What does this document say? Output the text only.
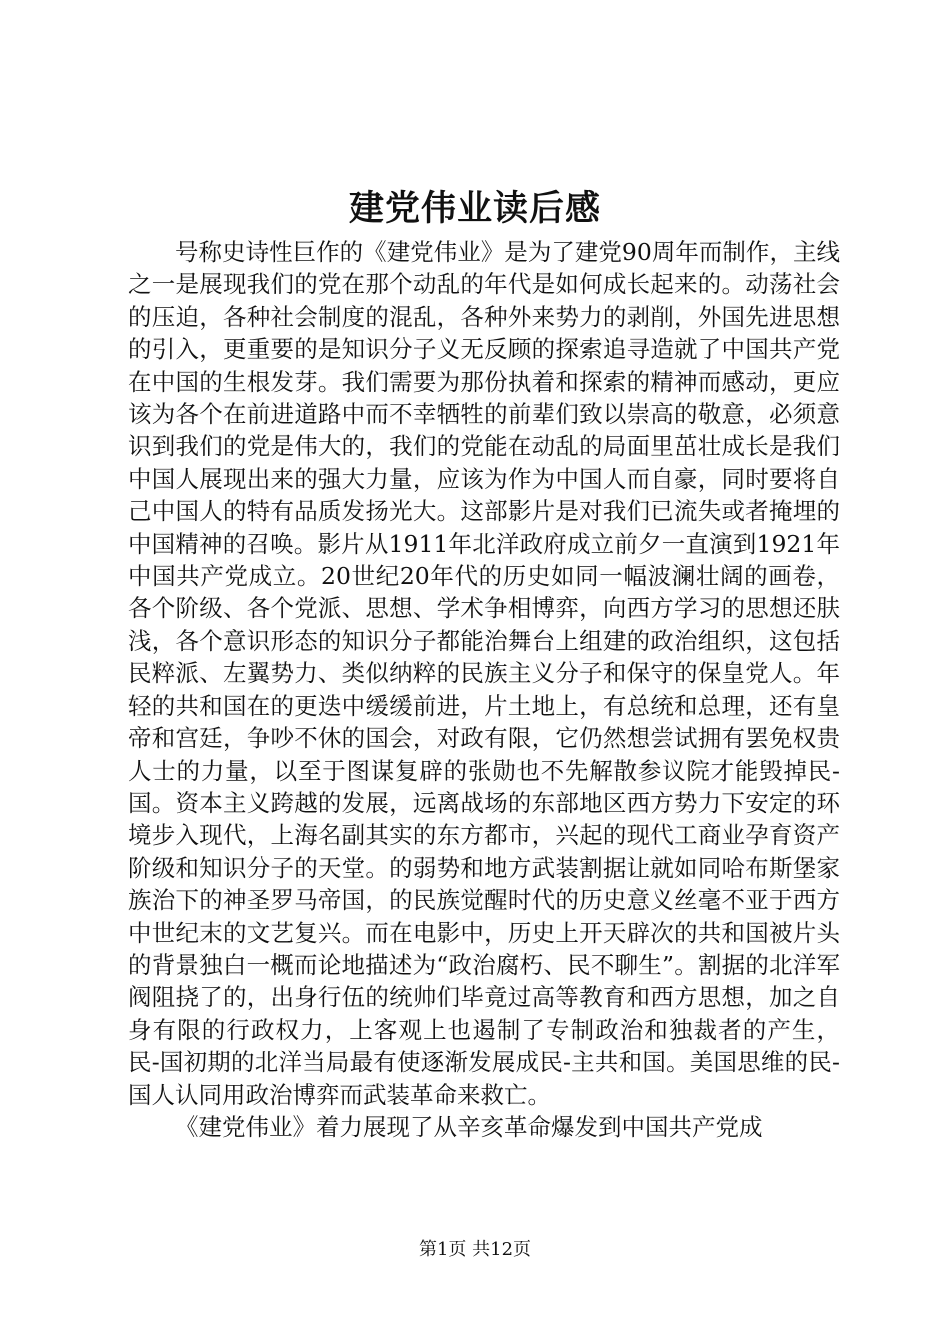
建党伟业读后感

号称史诗性巨作的《建党伟业》是为了建党90周年而制作，主线之一是展现我们的党在那个动乱的年代是如何成长起来的。动荡社会的压迫，各种社会制度的混乱，各种外来势力的剥削，外国先进思想的引入，更重要的是知识分子义无反顾的探索追寻造就了中国共产党在中国的生根发芽。我们需要为那份执着和探索的精神而感动，更应该为各个在前进道路中而不幸牺牲的前辈们致以崇高的敬意，必须意识到我们的党是伟大的，我们的党能在动乱的局面里茁壮成长是我们中国人展现出来的强大力量，应该为作为中国人而自豪，同时要将自己中国人的特有品质发扬光大。这部影片是对我们已流失或者掩埋的中国精神的召唤。影片从1911年北洋政府成立前夕一直演到1921年中国共产党成立。20世纪20年代的历史如同一幅波澜壮阔的画卷，各个阶级、各个党派、思想、学术争相博弈，向西方学习的思想还肤浅，各个意识形态的知识分子都能治舞台上组建的政治组织，这包括民粹派、左翼势力、类似纳粹的民族主义分子和保守的保皇党人。年轻的共和国在的更迭中缓缓前进，片土地上，有总统和总理，还有皇帝和宫廷，争吵不休的国会，对政有限，它仍然想尝试拥有罢免权贵人士的力量，以至于图谋复辟的张勋也不先解散参议院才能毁掉民-国。资本主义跨越的发展，远离战场的东部地区西方势力下安定的环境步入现代，上海名副其实的东方都市，兴起的现代工商业孕育资产阶级和知识分子的天堂。的弱势和地方武装割据让就如同哈布斯堡家族治下的神圣罗马帝国，的民族觉醒时代的历史意义丝毫不亚于西方中世纪末的文艺复兴。而在电影中，历史上开天辟次的共和国被片头的背景独白一概而论地描述为“政治腐朽、民不聊生”。割据的北洋军阀阻挠了的，出身行伍的统帅们毕竟过高等教育和西方思想，加之自身有限的行政权力，上客观上也遏制了专制政治和独裁者的产生，民-国初期的北洋当局最有使逐渐发展成民-主共和国。美国思维的民-国人认同用政治博弈而武装革命来救亡。

《建党伟业》着力展现了从辛亥革命爆发到中国共产党成

第1页 共12页
